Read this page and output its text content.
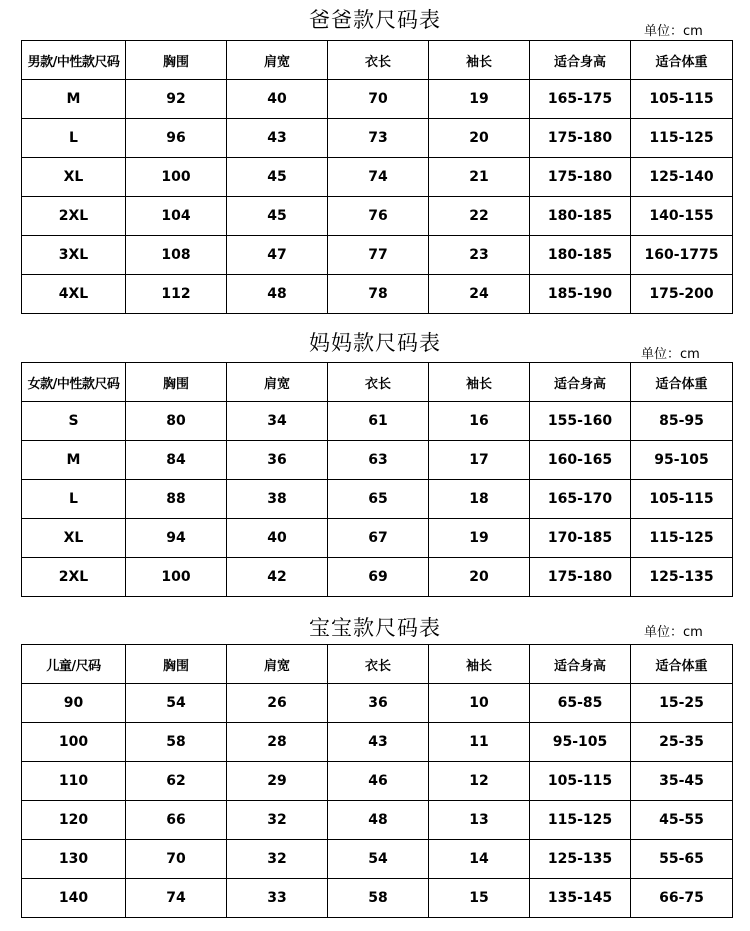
爸爸款尺码表	单位：cm
男款/中性款尺码	胸围	肩宽	衣长	袖长	适合身高	适合体重
M	92	40	70	19	165-175	105-115
L	96	43	73	20	175-180	115-125
XL	100	45	74	21	175-180	125-140
2XL	104	45	76	22	180-185	140-155
3XL	108	47	77	23	180-185	160-1775
4XL	112	48	78	24	185-190	175-200
妈妈款尺码表	单位：cm
女款/中性款尺码	胸围	肩宽	衣长	袖长	适合身高	适合体重
S	80	34	61	16	155-160	85-95
M	84	36	63	17	160-165	95-105
L	88	38	65	18	165-170	105-115
XL	94	40	67	19	170-185	115-125
2XL	100	42	69	20	175-180	125-135
宝宝款尺码表	单位：cm
儿童/尺码	胸围	肩宽	衣长	袖长	适合身高	适合体重
90	54	26	36	10	65-85	15-25
100	58	28	43	11	95-105	25-35
110	62	29	46	12	105-115	35-45
120	66	32	48	13	115-125	45-55
130	70	32	54	14	125-135	55-65
140	74	33	58	15	135-145	66-75
